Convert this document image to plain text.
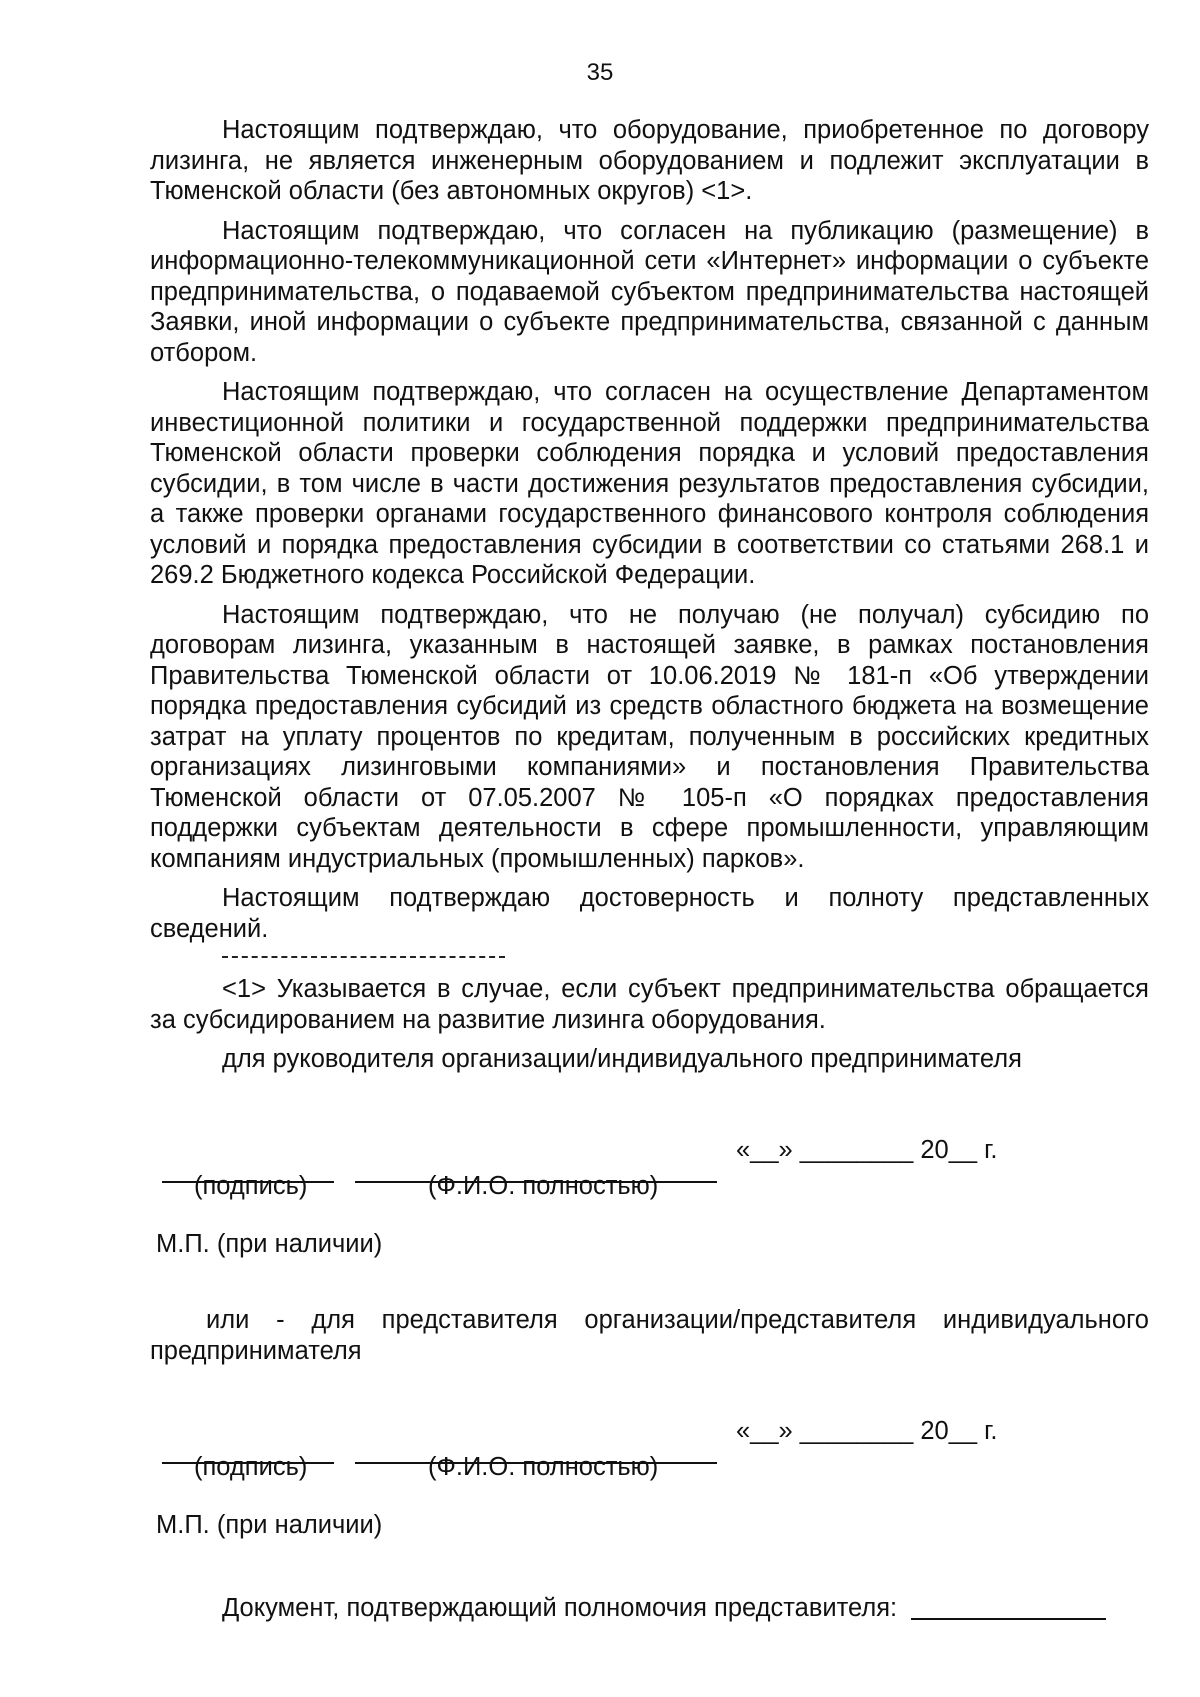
35

Настоящим подтверждаю, что оборудование, приобретенное по договору лизинга, не является инженерным оборудованием и подлежит эксплуатации в Тюменской области (без автономных округов) <1>.

Настоящим подтверждаю, что согласен на публикацию (размещение) в информационно-телекоммуникационной сети «Интернет» информации о субъекте предпринимательства, о подаваемой субъектом предпринимательства настоящей Заявки, иной информации о субъекте предпринимательства, связанной с данным отбором.

Настоящим подтверждаю, что согласен на осуществление Департаментом инвестиционной политики и государственной поддержки предпринимательства Тюменской области проверки соблюдения порядка и условий предоставления субсидии, в том числе в части достижения результатов предоставления субсидии, а также проверки органами государственного финансового контроля соблюдения условий и порядка предоставления субсидии в соответствии со статьями 268.1 и 269.2 Бюджетного кодекса Российской Федерации.

Настоящим подтверждаю, что не получаю (не получал) субсидию по договорам лизинга, указанным в настоящей заявке, в рамках постановления Правительства Тюменской области от 10.06.2019 № 181-п «Об утверждении порядка предоставления субсидий из средств областного бюджета на возмещение затрат на уплату процентов по кредитам, полученным в российских кредитных организациях лизинговыми компаниями» и постановления Правительства Тюменской области от 07.05.2007 № 105-п «О порядках предоставления поддержки субъектам деятельности в сфере промышленности, управляющим компаниям индустриальных (промышленных) парков».

Настоящим подтверждаю достоверность и полноту представленных сведений.

<1> Указывается в случае, если субъект предпринимательства обращается за субсидированием на развитие лизинга оборудования.

для руководителя организации/индивидуального предпринимателя

«__» ________ 20__ г.
(подпись)	(Ф.И.О. полностью)
М.П. (при наличии)

или - для представителя организации/представителя индивидуального предпринимателя

«__» ________ 20__ г.
(подпись)	(Ф.И.О. полностью)
М.П. (при наличии)
Документ, подтверждающий полномочия представителя:
